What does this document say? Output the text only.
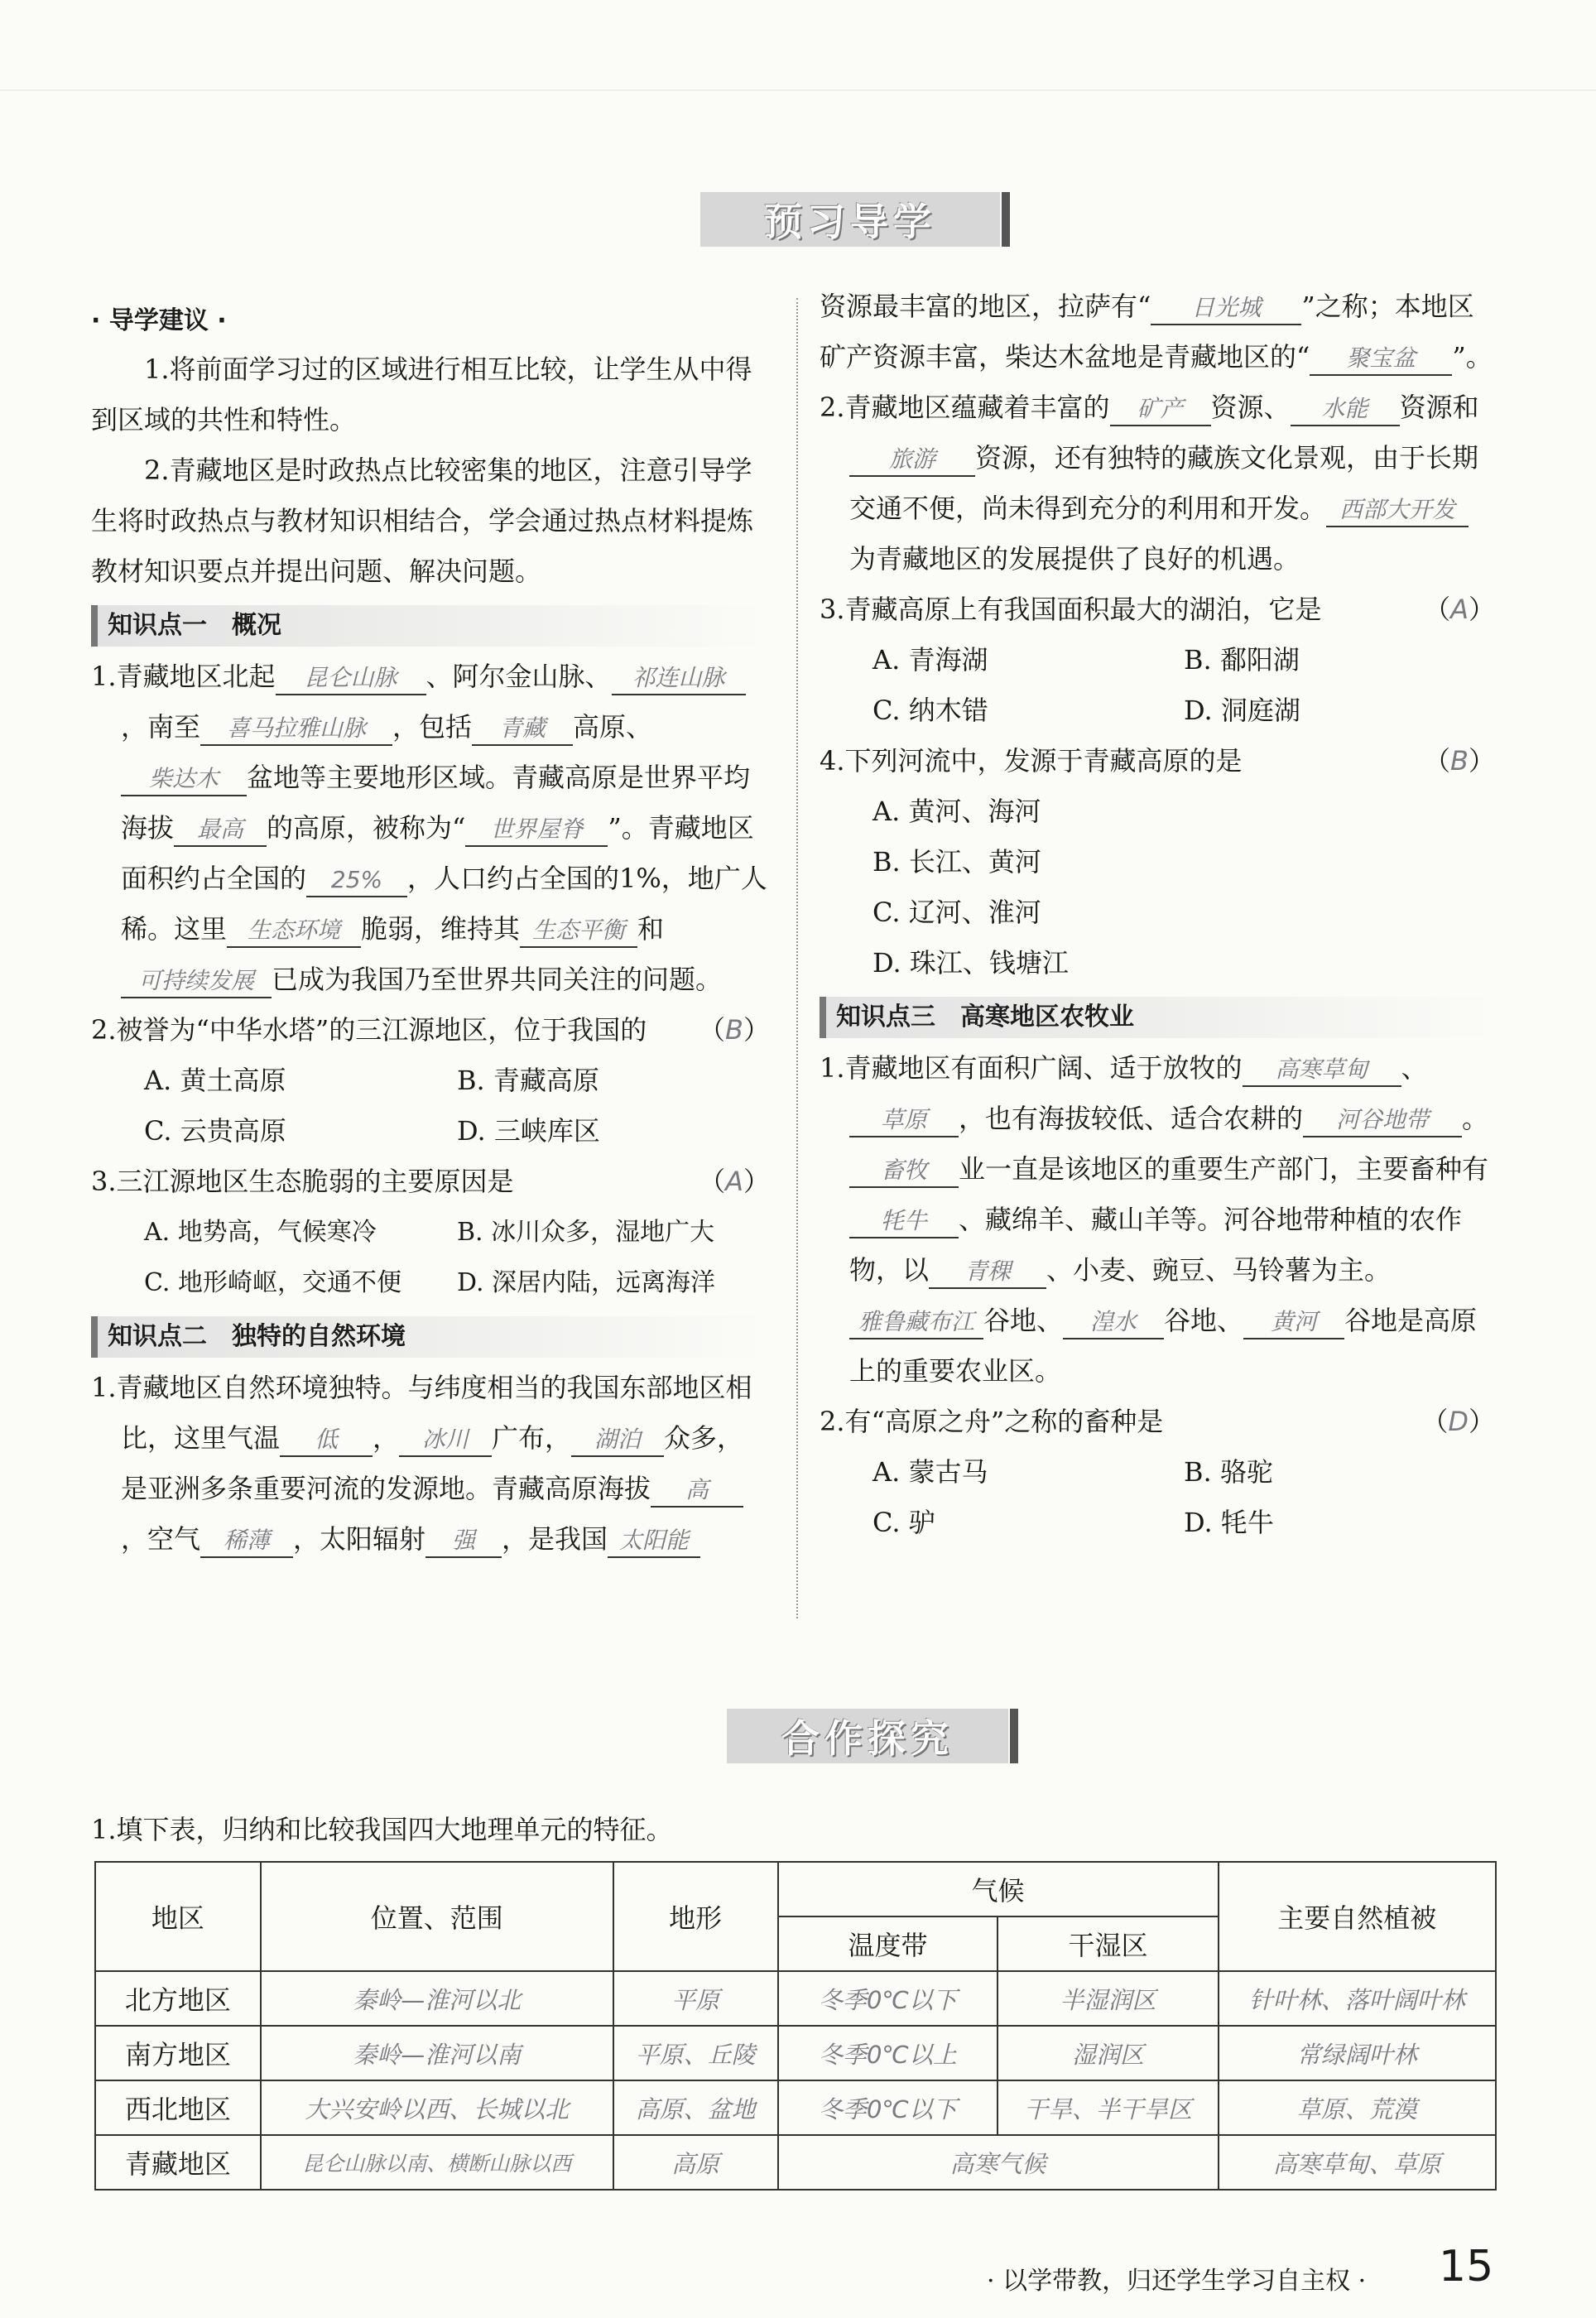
预习导学
· 导学建议 ·

1.将前面学习过的区域进行相互比较，让学生从中得到区域的共性和特性。

2.青藏地区是时政热点比较密集的地区，注意引导学生将时政热点与教材知识相结合，学会通过热点材料提炼教材知识要点并提出问题、解决问题。

知识点一　概况

1.青藏地区北起 昆仑山脉 、阿尔金山脉、 祁连山脉，南至 喜马拉雅山脉 ，包括 青藏 高原、柴达木 盆地等主要地形区域。青藏高原是世界平均海拔 最高 的高原，被称为“ 世界屋脊 ”。青藏地区面积约占全国的 25% ，人口约占全国的1%，地广人稀。这里 生态环境 脆弱，维持其 生态平衡 和可持续发展 已成为我国乃至世界共同关注的问题。

2.被誉为“中华水塔”的三江源地区，位于我国的 （B）

A. 黄土高原	B. 青藏高原
C. 云贵高原	D. 三峡库区

3.三江源地区生态脆弱的主要原因是	（A）

A. 地势高，气候寒冷	B. 冰川众多，湿地广大
C. 地形崎岖，交通不便	D. 深居内陆，远离海洋
知识点二　独特的自然环境

1.青藏地区自然环境独特。与纬度相当的我国东部地区相比，这里气温 低 ， 冰川 广布， 湖泊 众多，是亚洲多条重要河流的发源地。青藏高原海拔 高，空气 稀薄 ，太阳辐射 强 ，是我国 太阳能

资源最丰富的地区，拉萨有“ 日光城 ”之称；本地区矿产资源丰富，柴达木盆地是青藏地区的“ 聚宝盆 ”。

2.青藏地区蕴藏着丰富的 矿产 资源、 水能 资源和旅游 资源，还有独特的藏族文化景观，由于长期交通不便，尚未得到充分的利用和开发。 西部大开发为青藏地区的发展提供了良好的机遇。

3.青藏高原上有我国面积最大的湖泊，它是	（A）

A. 青海湖	B. 鄱阳湖
C. 纳木错	D. 洞庭湖

4.下列河流中，发源于青藏高原的是	（B）

A. 黄河、海河
B. 长江、黄河
C. 辽河、淮河
D. 珠江、钱塘江
知识点三　高寒地区农牧业

1.青藏地区有面积广阔、适于放牧的 高寒草甸 、草原 ，也有海拔较低、适合农耕的 河谷地带 。畜牧 业一直是该地区的重要生产部门，主要畜种有牦牛 、藏绵羊、藏山羊等。河谷地带种植的农作物，以 青稞 、小麦、豌豆、马铃薯为主。雅鲁藏布江 谷地、 湟水 谷地、 黄河 谷地是高原上的重要农业区。

2.有“高原之舟”之称的畜种是	（D）

A. 蒙古马	B. 骆驼
C. 驴	D. 牦牛
合作探究

1.填下表，归纳和比较我国四大地理单元的特征。

地区	位置、范围	地形	气候		主要自然植被
			温度带	干湿区	
北方地区	秦岭—淮河以北	平原	冬季0℃以下	半湿润区	针叶林、落叶阔叶林
南方地区	秦岭—淮河以南	平原、丘陵	冬季0℃以上	湿润区	常绿阔叶林
西北地区	大兴安岭以西、长城以北	高原、盆地	冬季0℃以下	干旱、半干旱区	草原、荒漠
青藏地区	昆仑山脉以南、横断山脉以西	高原	高寒气候		高寒草甸、草原
· 以学带教，归还学生学习自主权 · 15
